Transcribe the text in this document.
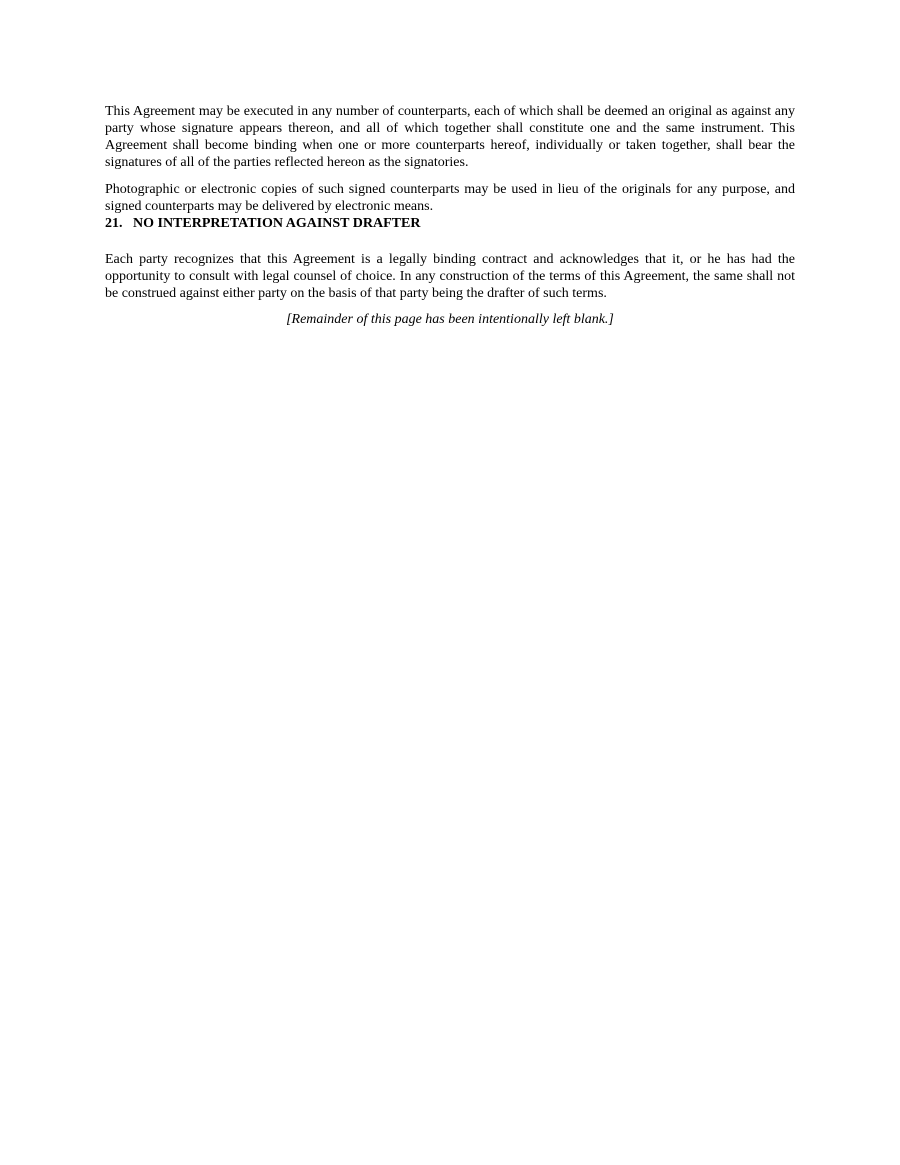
This Agreement may be executed in any number of counterparts, each of which shall be deemed an original as against any party whose signature appears thereon, and all of which together shall constitute one and the same instrument. This Agreement shall become binding when one or more counterparts hereof, individually or taken together, shall bear the signatures of all of the parties reflected hereon as the signatories.

Photographic or electronic copies of such signed counterparts may be used in lieu of the originals for any purpose, and signed counterparts may be delivered by electronic means.

21. NO INTERPRETATION AGAINST DRAFTER

Each party recognizes that this Agreement is a legally binding contract and acknowledges that it, or he has had the opportunity to consult with legal counsel of choice. In any construction of the terms of this Agreement, the same shall not be construed against either party on the basis of that party being the drafter of such terms.

[Remainder of this page has been intentionally left blank.]
